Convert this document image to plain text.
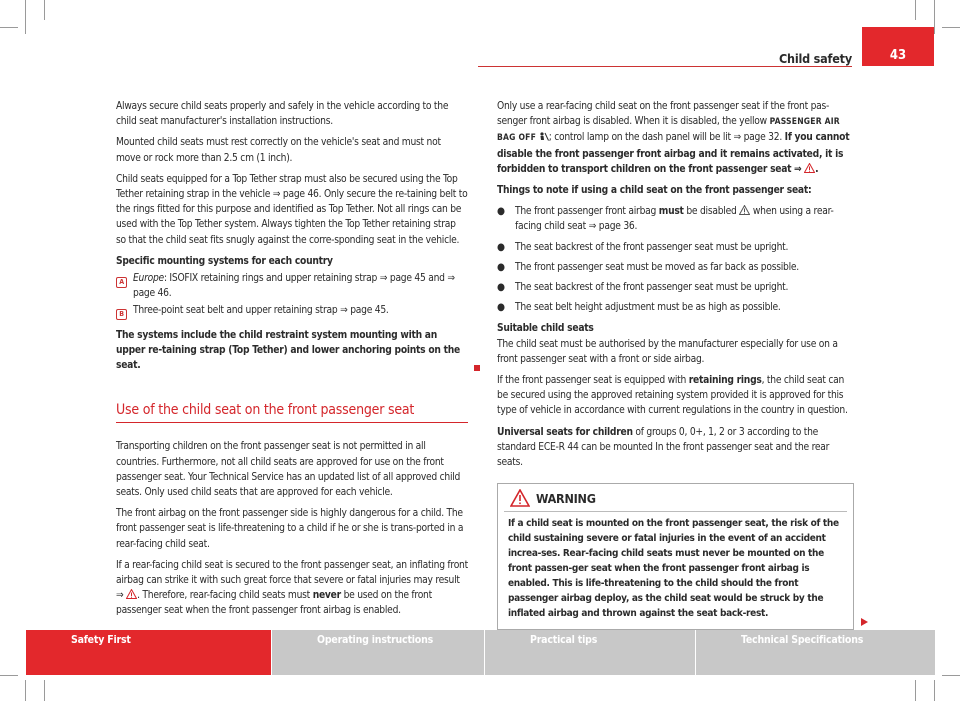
Child safety	43

Always secure child seats properly and safely in the vehicle according to the child seat manufacturer's installation instructions.

Mounted child seats must rest correctly on the vehicle's seat and must not move or rock more than 2.5 cm (1 inch).

Child seats equipped for a Top Tether strap must also be secured using the Top Tether retaining strap in the vehicle ⇒ page 46. Only secure the re-taining belt to the rings fitted for this purpose and identified as Top Tether. Not all rings can be used with the Top Tether system. Always tighten the Top Tether retaining strap so that the child seat fits snugly against the corre-sponding seat in the vehicle.

Specific mounting systems for each country

A Europe: ISOFIX retaining rings and upper retaining strap ⇒ page 45 and ⇒ page 46.
B Three-point seat belt and upper retaining strap ⇒ page 45.

The systems include the child restraint system mounting with an upper re-taining strap (Top Tether) and lower anchoring points on the seat.

Use of the child seat on the front passenger seat

Transporting children on the front passenger seat is not permitted in all countries. Furthermore, not all child seats are approved for use on the front passenger seat. Your Technical Service has an updated list of all approved child seats. Only used child seats that are approved for each vehicle.

The front airbag on the front passenger side is highly dangerous for a child. The front passenger seat is life-threatening to a child if he or she is trans-ported in a rear-facing child seat.

If a rear-facing child seat is secured to the front passenger seat, an inflating front airbag can strike it with such great force that severe or fatal injuries may result ⇒ . Therefore, rear-facing child seats must never be used on the front passenger seat when the front passenger front airbag is enabled.

Only use a rear-facing child seat on the front passenger seat if the front pas-senger front airbag is disabled. When it is disabled, the yellow PASSENGER AIR BAG OFF ; control lamp on the dash panel will be lit ⇒ page 32. If you cannot disable the front passenger front airbag and it remains activated, it is forbidden to transport children on the front passenger seat ⇒ .

Things to note if using a child seat on the front passenger seat:

●	The front passenger front airbag must be disabled when using a rear-facing child seat ⇒ page 36.
●	The seat backrest of the front passenger seat must be upright.
●	The front passenger seat must be moved as far back as possible.
●	The seat backrest of the front passenger seat must be upright.
●	The seat belt height adjustment must be as high as possible.

Suitable child seats

The child seat must be authorised by the manufacturer especially for use on a front passenger seat with a front or side airbag.

If the front passenger seat is equipped with retaining rings, the child seat can be secured using the approved retaining system provided it is approved for this type of vehicle in accordance with current regulations in the country in question.

Universal seats for children of groups 0, 0+, 1, 2 or 3 according to the standard ECE-R 44 can be mounted In the front passenger seat and the rear seats.

WARNING
If a child seat is mounted on the front passenger seat, the risk of the child sustaining severe or fatal injuries in the event of an accident increa-ses. Rear-facing child seats must never be mounted on the front passen-ger seat when the front passenger front airbag is enabled. This is life-threatening to the child should the front passenger airbag deploy, as the child seat would be struck by the inflated airbag and thrown against the seat back-rest.
Safety First	Operating instructions	Practical tips	Technical Specifications
